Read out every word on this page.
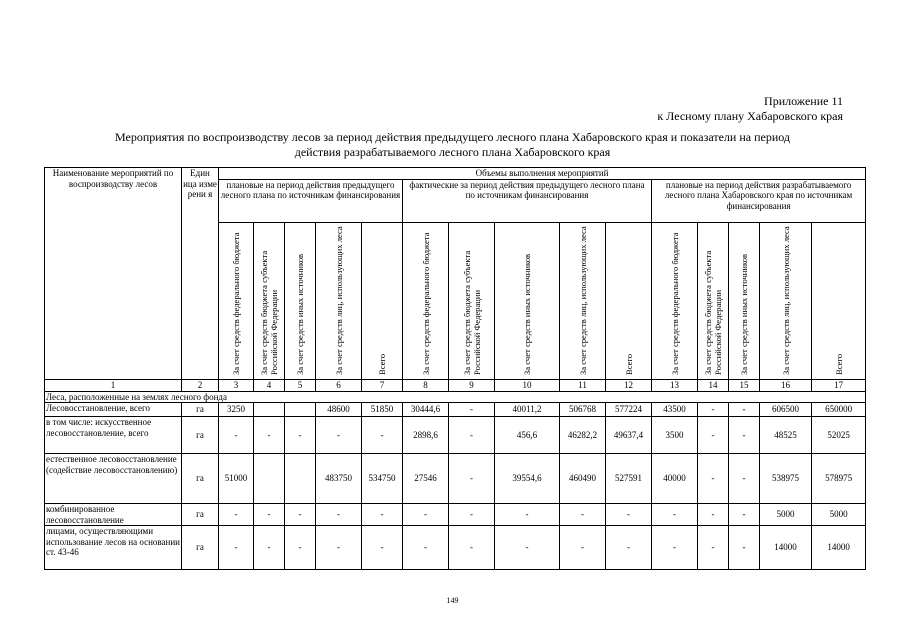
Приложение 11
к Лесному плану Хабаровского края
Мероприятия по воспроизводству лесов за период действия предыдущего лесного плана Хабаровского края и показатели на период
действия разрабатываемого лесного плана Хабаровского края
Наименование мероприятий по воспроизводству лесов	Един ица изме рени я	Объемы выполнения мероприятий														
		плановые на период действия предыдущего лесного плана по источникам финансирования					фактические за период действия предыдущего лесного плана по источникам финансирования					плановые на период действия разрабатываемого лесного плана Хабаровского края по источникам финансирования				
		За счет средств федерального бюджета	За счет средств бюджета субъекта Российской Федерации	За счет средств иных источников	За счет средств лиц, использующих леса	Всего	За счет средств федерального бюджета	За счет средств бюджета субъекта Российской Федерации	За счет средств иных источников	За счет средств лиц, использующих леса	Всего	За счет средств федерального бюджета	За счет средств бюджета субъекта Российской Федерации	За счет средств иных источников	За счет средств лиц, использующих леса	Всего
1	2	3	4	5	6	7	8	9	10	11	12	13	14	15	16	17
Леса, расположенные на землях лесного фонда																
Лесовосстановление, всего	га	3250			48600	51850	30444,6	-	40011,2	506768	577224	43500	-	-	606500	650000
в том числе: искусственное лесовосстановление, всего	га	-	-	-	-	-	2898,6	-	456,6	46282,2	49637,4	3500	-	-	48525	52025
естественное лесовосстановление (содействие лесовосстановлению)	га	51000			483750	534750	27546	-	39554,6	460490	527591	40000	-	-	538975	578975
комбинированное лесовосстановление	га	-	-	-	-	-	-	-	-	-	-	-	-	-	5000	5000
лицами, осуществляющими использование лесов на основании ст. 43-46	га	-	-	-	-	-	-	-	-	-	-	-	-	-	14000	14000
149
